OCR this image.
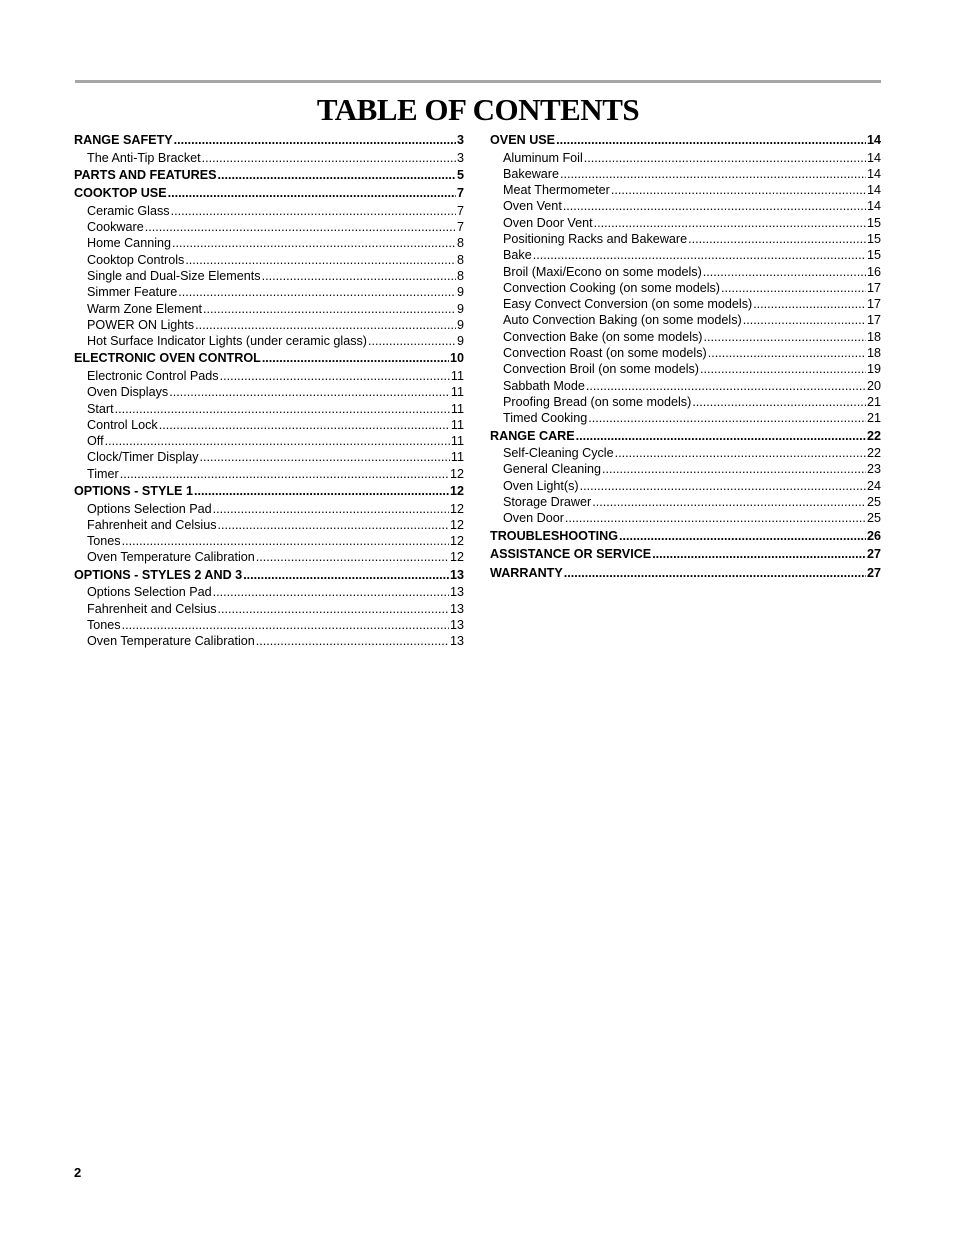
TABLE OF CONTENTS
RANGE SAFETY .....	3
The Anti-Tip Bracket .....	3
PARTS AND FEATURES .....	5
COOKTOP USE .....	7
Ceramic Glass .....	7
Cookware .....	7
Home Canning .....	8
Cooktop Controls .....	8
Single and Dual-Size Elements .....	8
Simmer Feature .....	9
Warm Zone Element .....	9
POWER ON Lights .....	9
Hot Surface Indicator Lights (under ceramic glass) .....	9
ELECTRONIC OVEN CONTROL .....	10
Electronic Control Pads .....	11
Oven Displays .....	11
Start .....	11
Control Lock .....	11
Off .....	11
Clock/Timer Display .....	11
Timer .....	12
OPTIONS - STYLE 1 .....	12
Options Selection Pad .....	12
Fahrenheit and Celsius .....	12
Tones .....	12
Oven Temperature Calibration .....	12
OPTIONS - STYLES 2 AND 3 .....	13
Options Selection Pad .....	13
Fahrenheit and Celsius .....	13
Tones .....	13
Oven Temperature Calibration .....	13
OVEN USE .....	14
Aluminum Foil .....	14
Bakeware .....	14
Meat Thermometer .....	14
Oven Vent .....	14
Oven Door Vent .....	15
Positioning Racks and Bakeware .....	15
Bake .....	15
Broil (Maxi/Econo on some models) .....	16
Convection Cooking (on some models) .....	17
Easy Convect Conversion (on some models) .....	17
Auto Convection Baking (on some models) .....	17
Convection Bake (on some models) .....	18
Convection Roast (on some models) .....	18
Convection Broil (on some models) .....	19
Sabbath Mode .....	20
Proofing Bread (on some models) .....	21
Timed Cooking .....	21
RANGE CARE .....	22
Self-Cleaning Cycle .....	22
General Cleaning .....	23
Oven Light(s) .....	24
Storage Drawer .....	25
Oven Door .....	25
TROUBLESHOOTING .....	26
ASSISTANCE OR SERVICE .....	27
WARRANTY .....	27
2
